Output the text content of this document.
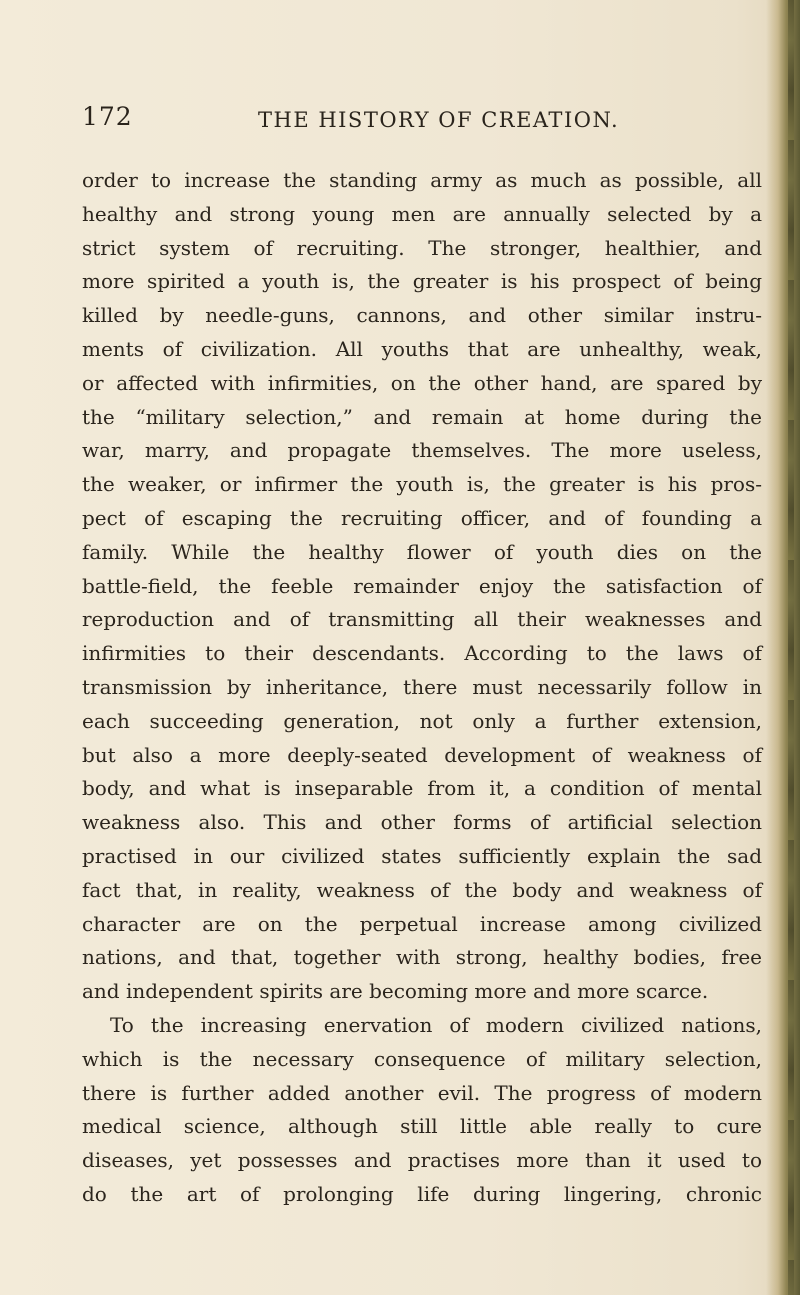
172	THE HISTORY OF CREATION.
order to increase the standing army as much as possible, all
healthy and strong young men are annually selected by a
strict system of recruiting. The stronger, healthier, and
more spirited a youth is, the greater is his prospect of being
killed by needle-guns, cannons, and other similar instru-
ments of civilization. All youths that are unhealthy, weak,
or affected with infirmities, on the other hand, are spared by
the “military selection,” and remain at home during the
war, marry, and propagate themselves. The more useless,
the weaker, or infirmer the youth is, the greater is his pros-
pect of escaping the recruiting officer, and of founding a
family. While the healthy flower of youth dies on the
battle-field, the feeble remainder enjoy the satisfaction of
reproduction and of transmitting all their weaknesses and
infirmities to their descendants. According to the laws of
transmission by inheritance, there must necessarily follow in
each succeeding generation, not only a further extension,
but also a more deeply-seated development of weakness of
body, and what is inseparable from it, a condition of mental
weakness also. This and other forms of artificial selection
practised in our civilized states sufficiently explain the sad
fact that, in reality, weakness of the body and weakness of
character are on the perpetual increase among civilized
nations, and that, together with strong, healthy bodies, free
and independent spirits are becoming more and more scarce.
To the increasing enervation of modern civilized nations,
which is the necessary consequence of military selection,
there is further added another evil. The progress of modern
medical science, although still little able really to cure
diseases, yet possesses and practises more than it used to
do the art of prolonging life during lingering, chronic
